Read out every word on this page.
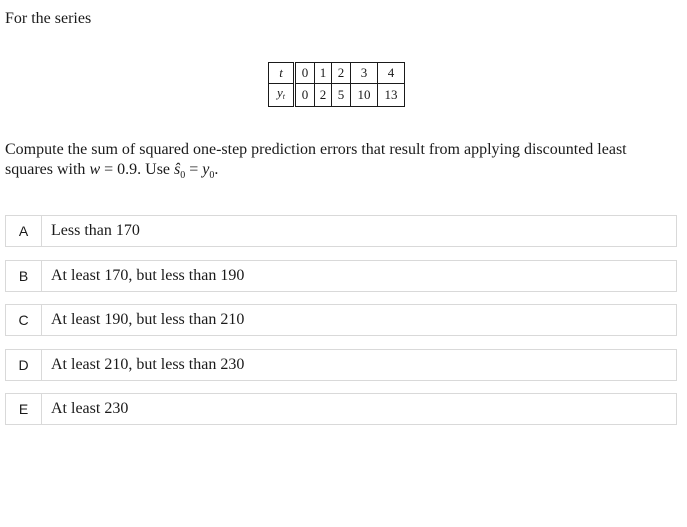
For the series
t	0	1	2	3	4
$y_t$	0	2	5	10	13
Compute the sum of squared one-step prediction errors that result from applying discounted least squares with w = 0.9. Use $ŝ_0 = y_0$.
A	Less than 170
B	At least 170, but less than 190
C	At least 190, but less than 210
D	At least 210, but less than 230
E	At least 230
